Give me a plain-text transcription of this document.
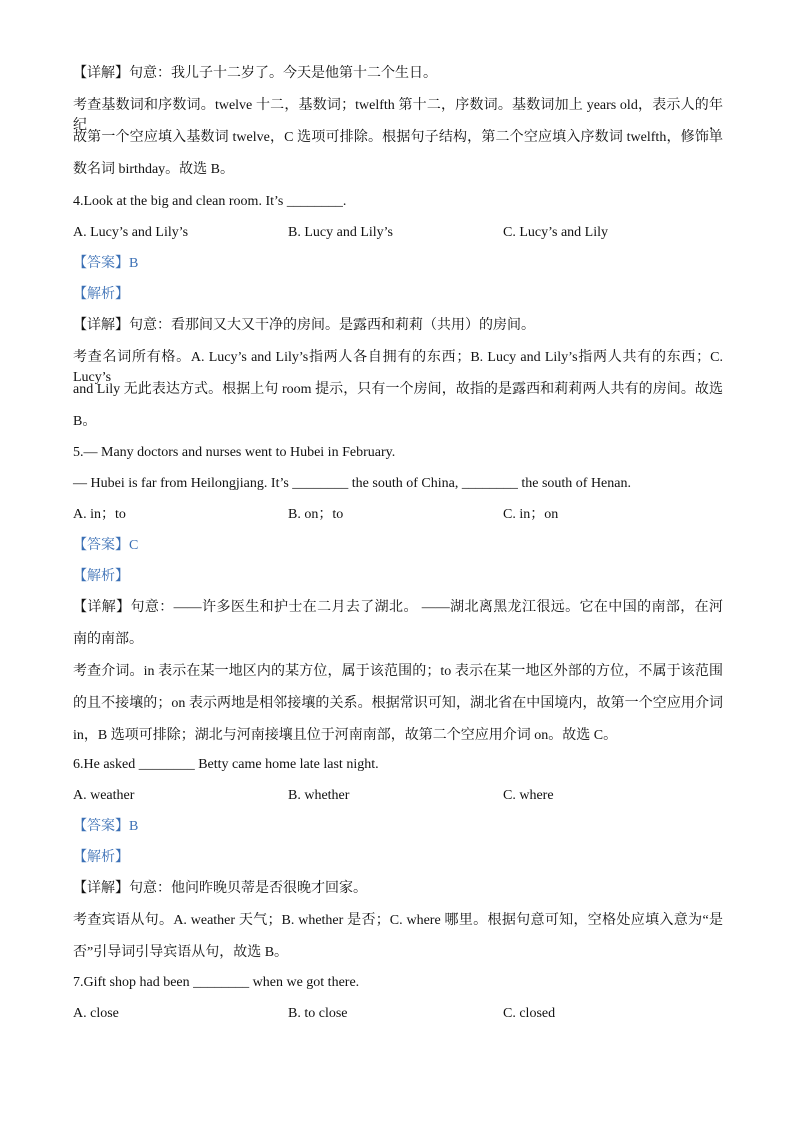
【详解】句意：我儿子十二岁了。今天是他第十二个生日。
考查基数词和序数词。twelve 十二，基数词；twelfth 第十二，序数词。基数词加上 years old，表示人的年纪，
故第一个空应填入基数词 twelve，C 选项可排除。根据句子结构，第二个空应填入序数词 twelfth，修饰单
数名词 birthday。故选 B。
4.Look at the big and clean room. It’s ________.
A. Lucy’s and Lily’s	B. Lucy and Lily’s	C. Lucy’s and Lily
【答案】B
【解析】
【详解】句意：看那间又大又干净的房间。是露西和莉莉（共用）的房间。
考查名词所有格。A. Lucy’s and Lily’s指两人各自拥有的东西；B. Lucy and Lily’s指两人共有的东西；C. Lucy’s
and Lily 无此表达方式。根据上句 room 提示，只有一个房间，故指的是露西和莉莉两人共有的房间。故选
B。
5.— Many doctors and nurses went to Hubei in February.
— Hubei is far from Heilongjiang. It’s ________ the south of China, ________ the south of Henan.
A. in；to	B. on；to	C. in；on
【答案】C
【解析】
【详解】句意：——许多医生和护士在二月去了湖北。 ——湖北离黑龙江很远。它在中国的南部，在河
南的南部。
考查介词。in 表示在某一地区内的某方位，属于该范围的；to 表示在某一地区外部的方位，不属于该范围
的且不接壤的；on 表示两地是相邻接壤的关系。根据常识可知，湖北省在中国境内，故第一个空应用介词
in，B 选项可排除；湖北与河南接壤且位于河南南部，故第二个空应用介词 on。故选 C。
6.He asked ________ Betty came home late last night.
A. weather	B. whether	C. where
【答案】B
【解析】
【详解】句意：他问昨晚贝蒂是否很晚才回家。
考查宾语从句。A. weather 天气；B. whether 是否；C. where 哪里。根据句意可知，空格处应填入意为“是
否”引导词引导宾语从句，故选 B。
7.Gift shop had been ________ when we got there.
A. close	B. to close	C. closed
